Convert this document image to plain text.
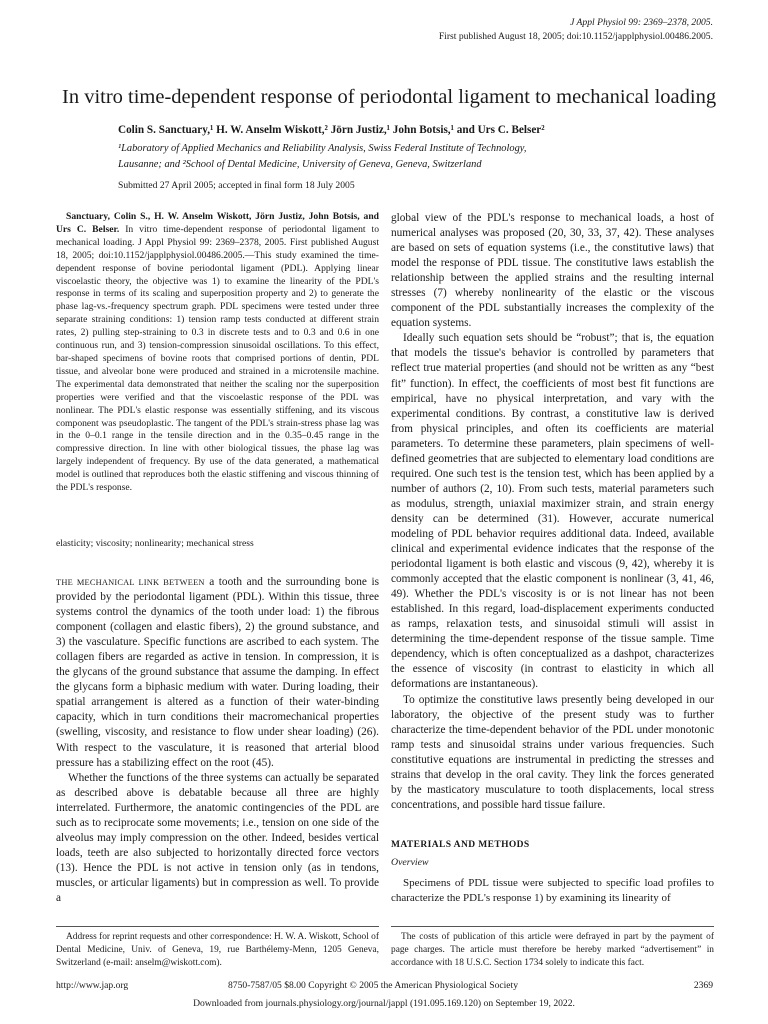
J Appl Physiol 99: 2369–2378, 2005.
First published August 18, 2005; doi:10.1152/japplphysiol.00486.2005.
In vitro time-dependent response of periodontal ligament to mechanical loading
Colin S. Sanctuary,¹ H. W. Anselm Wiskott,² Jörn Justiz,¹ John Botsis,¹ and Urs C. Belser²
¹Laboratory of Applied Mechanics and Reliability Analysis, Swiss Federal Institute of Technology,
Lausanne; and ²School of Dental Medicine, University of Geneva, Geneva, Switzerland
Submitted 27 April 2005; accepted in final form 18 July 2005
Sanctuary, Colin S., H. W. Anselm Wiskott, Jörn Justiz, John Botsis, and Urs C. Belser. In vitro time-dependent response of periodontal ligament to mechanical loading. J Appl Physiol 99: 2369–2378, 2005. First published August 18, 2005; doi:10.1152/japplphysiol.00486.2005.—This study examined the time-dependent response of bovine periodontal ligament (PDL). Applying linear viscoelastic theory, the objective was 1) to examine the linearity of the PDL's response in terms of its scaling and superposition property and 2) to generate the phase lag-vs.-frequency spectrum graph. PDL specimens were tested under three separate straining conditions: 1) tension ramp tests conducted at different strain rates, 2) pulling step-straining to 0.3 in discrete tests and to 0.3 and 0.6 in one continuous run, and 3) tension-compression sinusoidal oscillations. To this effect, bar-shaped specimens of bovine roots that comprised portions of dentin, PDL tissue, and alveolar bone were produced and strained in a microtensile machine. The experimental data demonstrated that neither the scaling nor the superposition properties were verified and that the viscoelastic response of the PDL was nonlinear. The PDL's elastic response was essentially stiffening, and its viscous component was pseudoplastic. The tangent of the PDL's strain-stress phase lag was in the 0–0.1 range in the tensile direction and in the 0.35–0.45 range in the compressive direction. In line with other biological tissues, the phase lag was largely independent of frequency. By use of the data generated, a mathematical model is outlined that reproduces both the elastic stiffening and viscous thinning of the PDL's response.
elasticity; viscosity; nonlinearity; mechanical stress

THE MECHANICAL LINK BETWEEN a tooth and the surrounding bone is provided by the periodontal ligament (PDL). Within this tissue, three systems control the dynamics of the tooth under load: 1) the fibrous component (collagen and elastic fibers), 2) the ground substance, and 3) the vasculature. Specific functions are ascribed to each system. The collagen fibers are regarded as active in tension. In compression, it is the glycans of the ground substance that assume the damping. In effect the glycans form a biphasic medium with water. During loading, their spatial arrangement is altered as a function of their water-binding capacity, which in turn conditions their macromechanical properties (swelling, viscosity, and resistance to flow under shear loading) (26). With respect to the vasculature, it is reasoned that arterial blood pressure has a stabilizing effect on the root (45).

Whether the functions of the three systems can actually be separated as described above is debatable because all three are highly interrelated. Furthermore, the anatomic contingencies of the PDL are such as to reciprocate some movements; i.e., tension on one side of the alveolus may imply compression on the other. Indeed, besides vertical loads, teeth are also subjected to horizontally directed force vectors (13). Hence the PDL is not active in tension only (as in tendons, muscles, or articular ligaments) but in compression as well. To provide a

global view of the PDL's response to mechanical loads, a host of numerical analyses was proposed (20, 30, 33, 37, 42). These analyses are based on sets of equation systems (i.e., the constitutive laws) that model the response of PDL tissue. The constitutive laws establish the relationship between the applied strains and the resulting internal stresses (7) whereby nonlinearity of the elastic or the viscous component of the PDL substantially increases the complexity of the equation systems.

Ideally such equation sets should be “robust”; that is, the equation that models the tissue's behavior is controlled by parameters that reflect true material properties (and should not be written as any “best fit” function). In effect, the coefficients of most best fit functions are empirical, have no physical interpretation, and vary with the experimental conditions. By contrast, a constitutive law is derived from physical principles, and often its coefficients are material parameters. To determine these parameters, plain specimens of well-defined geometries that are subjected to elementary load conditions are required. One such test is the tension test, which has been applied by a number of authors (2, 10). From such tests, material parameters such as modulus, strength, uniaxial maximizer strain, and strain energy density can be determined (31). However, accurate numerical modeling of PDL behavior requires additional data. Indeed, available clinical and experimental evidence indicates that the response of the periodontal ligament is both elastic and viscous (9, 42), whereby it is commonly accepted that the elastic component is nonlinear (3, 41, 46, 49). Whether the PDL's viscosity is or is not linear has not been established. In this regard, load-displacement experiments conducted as ramps, relaxation tests, and sinusoidal stimuli will assist in determining the time-dependent response of the tissue sample. Time dependency, which is often conceptualized as a dashpot, characterizes the essence of viscosity (in contrast to elasticity in which all deformations are instantaneous).

To optimize the constitutive laws presently being developed in our laboratory, the objective of the present study was to further characterize the time-dependent behavior of the PDL under monotonic ramp tests and sinusoidal strains under various frequencies. Such constitutive equations are instrumental in predicting the stresses and strains that develop in the oral cavity. They link the forces generated by the masticatory musculature to tooth displacements, local stress concentrations, and possible hard tissue failure.

MATERIALS AND METHODS
Overview
Specimens of PDL tissue were subjected to specific load profiles to characterize the PDL's response 1) by examining its linearity of
Address for reprint requests and other correspondence: H. W. A. Wiskott, School of Dental Medicine, Univ. of Geneva, 19, rue Barthélemy-Menn, 1205 Geneva, Switzerland (e-mail: anselm@wiskott.com).
The costs of publication of this article were defrayed in part by the payment of page charges. The article must therefore be hereby marked “advertisement” in accordance with 18 U.S.C. Section 1734 solely to indicate this fact.
http://www.jap.org	8750-7587/05 $8.00 Copyright © 2005 the American Physiological Society	2369
Downloaded from journals.physiology.org/journal/jappl (191.095.169.120) on September 19, 2022.
